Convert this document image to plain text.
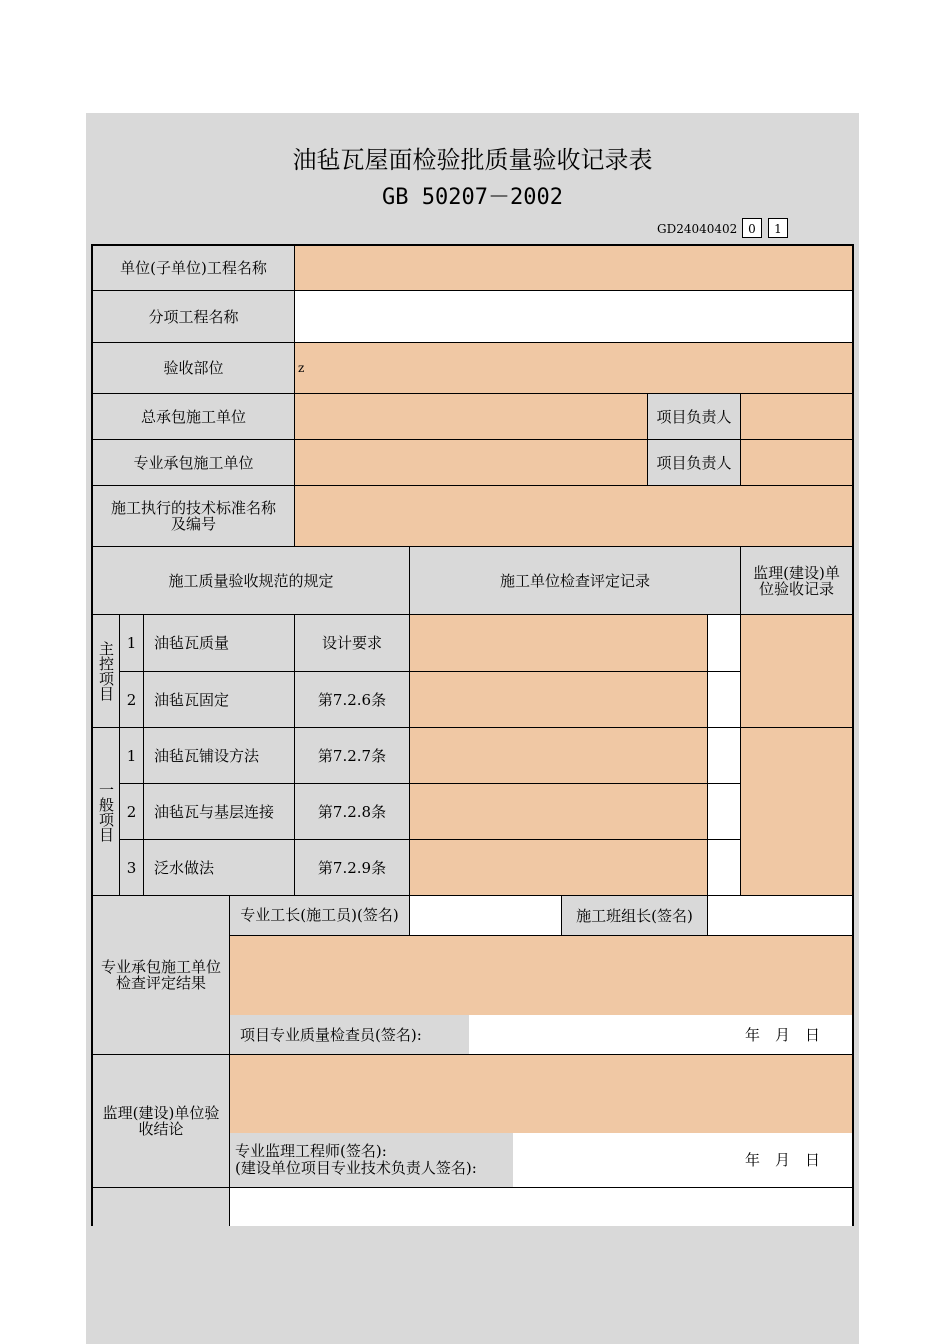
油毡瓦屋面检验批质量验收记录表
GB 50207－2002
GD24040402 0	1
单位(子单位)工程名称
分项工程名称
验收部位	z
总承包施工单位	项目负责人
专业承包施工单位	项目负责人
施工执行的技术标准名称及编号
施工质量验收规范的规定	施工单位检查评定记录	监理(建设)单位验收记录
主控项目 1	油毡瓦质量	设计要求
2	油毡瓦固定	第7.2.6条
一般项目
1	油毡瓦铺设方法	第7.2.7条
2	油毡瓦与基层连接	第7.2.8条
3	泛水做法	第7.2.9条
专业承包施工单位检查评定结果
专业工长(施工员)(签名)	施工班组长(签名)
项目专业质量检查员(签名):	年　月　日
监理(建设)单位验收结论
专业监理工程师(签名):
(建设单位项目专业技术负责人签名):	年　月　日
